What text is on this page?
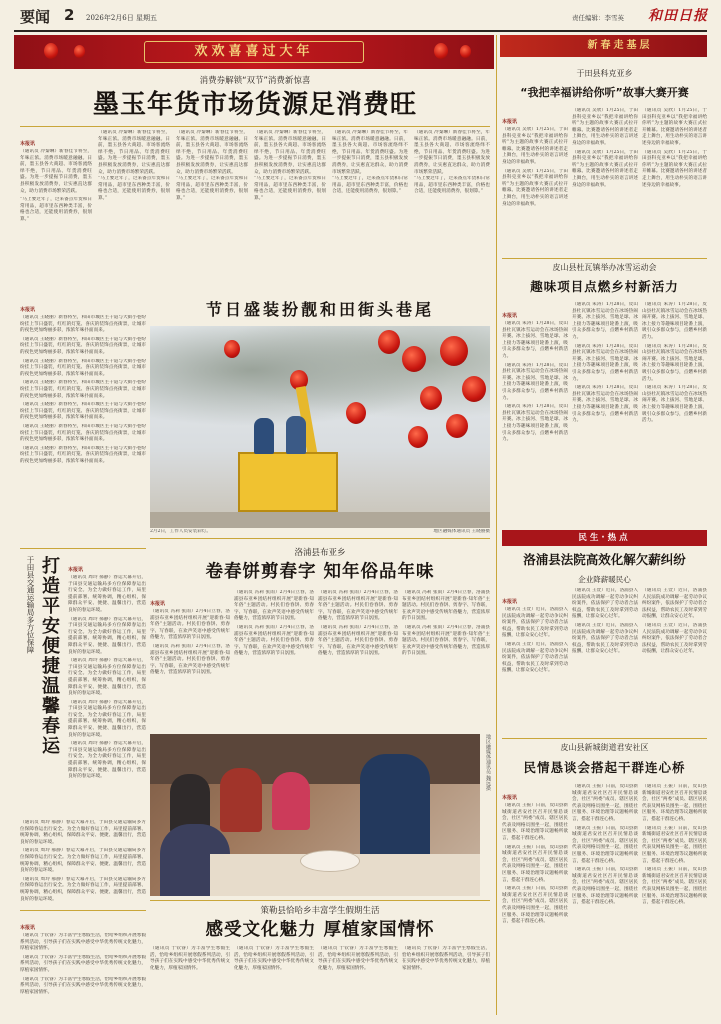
要闻 2 2026年2月6日 星期五	责任编辑：李雪英 和田日报
欢欢喜喜过大年	新春走基层
消费券解锁“双节”消费新惊喜
墨玉年货市场货源足消费旺
本报讯
（通讯员 冷秦琳）新春佳节将至，年味正浓。消费市场暖意融融。日前，墨玉县各大商超、市场客流络绎不绝，节日用品、年货消费旺盛。为进一步提振节日消费，墨玉县积极发放消费券，让实惠直达群众，助力消费市场繁荣活跃。
“马上要过年了，过来备点年货和日常用品，超市里东西种类丰富，价格也合适，还能使用消费券，很划算。”
（通讯员 冷秦琳）新春佳节将至，年味正浓。消费市场暖意融融。日前，墨玉县各大商超、市场客流络绎不绝，节日用品、年货消费旺盛。为进一步提振节日消费，墨玉县积极发放消费券，让实惠直达群众，助力消费市场繁荣活跃。
“马上要过年了，过来备点年货和日常用品，超市里东西种类丰富，价格也合适，还能使用消费券，很划算。”
（通讯员 冷秦琳）新春佳节将至，年味正浓。消费市场暖意融融。日前，墨玉县各大商超、市场客流络绎不绝，节日用品、年货消费旺盛。为进一步提振节日消费，墨玉县积极发放消费券，让实惠直达群众，助力消费市场繁荣活跃。
“马上要过年了，过来备点年货和日常用品，超市里东西种类丰富，价格也合适，还能使用消费券，很划算。”
（通讯员 冷秦琳）新春佳节将至，年味正浓。消费市场暖意融融。日前，墨玉县各大商超、市场客流络绎不绝，节日用品、年货消费旺盛。为进一步提振节日消费，墨玉县积极发放消费券，让实惠直达群众，助力消费市场繁荣活跃。
“马上要过年了，过来备点年货和日常用品，超市里东西种类丰富，价格也合适，还能使用消费券，很划算。”
（通讯员 冷秦琳）新春佳节将至，年味正浓。消费市场暖意融融。日前，墨玉县各大商超、市场客流络绎不绝，节日用品、年货消费旺盛。为进一步提振节日消费，墨玉县积极发放消费券，让实惠直达群众，助力消费市场繁荣活跃。
“马上要过年了，过来备点年货和日常用品，超市里东西种类丰富，价格也合适，还能使用消费券，很划算。”
（通讯员 冷秦琳）新春佳节将至，年味正浓。消费市场暖意融融。日前，墨玉县各大商超、市场客流络绎不绝，节日用品、年货消费旺盛。为进一步提振节日消费，墨玉县积极发放消费券，让实惠直达群众，助力消费市场繁荣活跃。
“马上要过年了，过来备点年货和日常用品，超市里东西种类丰富，价格也合适，还能使用消费券，很划算。”
本报讯
（通讯员 王晓丽）新春将至，和田市城区主干道与大街小巷纷纷挂上节日盛装，红红的灯笼、喜庆的装饰点亮街景，让城市的夜色更加绚丽多彩，浓浓年味扑面而来。
（通讯员 王晓丽）新春将至，和田市城区主干道与大街小巷纷纷挂上节日盛装，红红的灯笼、喜庆的装饰点亮街景，让城市的夜色更加绚丽多彩，浓浓年味扑面而来。
（通讯员 王晓丽）新春将至，和田市城区主干道与大街小巷纷纷挂上节日盛装，红红的灯笼、喜庆的装饰点亮街景，让城市的夜色更加绚丽多彩，浓浓年味扑面而来。
（通讯员 王晓丽）新春将至，和田市城区主干道与大街小巷纷纷挂上节日盛装，红红的灯笼、喜庆的装饰点亮街景，让城市的夜色更加绚丽多彩，浓浓年味扑面而来。
（通讯员 王晓丽）新春将至，和田市城区主干道与大街小巷纷纷挂上节日盛装，红红的灯笼、喜庆的装饰点亮街景，让城市的夜色更加绚丽多彩，浓浓年味扑面而来。
（通讯员 王晓丽）新春将至，和田市城区主干道与大街小巷纷纷挂上节日盛装，红红的灯笼、喜庆的装饰点亮街景，让城市的夜色更加绚丽多彩，浓浓年味扑面而来。
（通讯员 王晓丽）新春将至，和田市城区主干道与大街小巷纷纷挂上节日盛装，红红的灯笼、喜庆的装饰点亮街景，让城市的夜色更加绚丽多彩，浓浓年味扑面而来。
节日盛装扮靓和田街头巷尾
2月2日，工作人员安装彩灯。	地区融媒体通讯员 王晓丽摄
于田县交通运输局多方位保障 打造平安便捷温馨春运	本报讯
（通讯员 周玲 郝静）春运大幕开启，于田县交通运输局多方位保障春运出行安全。为全力做好春运工作，局里提前部署、统筹协调，精心组织，保障群众平安、便捷、温馨出行，营造良好的春运环境。
（通讯员 周玲 郝静）春运大幕开启，于田县交通运输局多方位保障春运出行安全。为全力做好春运工作，局里提前部署、统筹协调，精心组织，保障群众平安、便捷、温馨出行，营造良好的春运环境。
（通讯员 周玲 郝静）春运大幕开启，于田县交通运输局多方位保障春运出行安全。为全力做好春运工作，局里提前部署、统筹协调，精心组织，保障群众平安、便捷、温馨出行，营造良好的春运环境。
（通讯员 周玲 郝静）春运大幕开启，于田县交通运输局多方位保障春运出行安全。为全力做好春运工作，局里提前部署、统筹协调，精心组织，保障群众平安、便捷、温馨出行，营造良好的春运环境。
（通讯员 周玲 郝静）春运大幕开启，于田县交通运输局多方位保障春运出行安全。为全力做好春运工作，局里提前部署、统筹协调，精心组织，保障群众平安、便捷、温馨出行，营造良好的春运环境。
（通讯员 周玲 郝静）春运大幕开启，于田县交通运输局多方位保障春运出行安全。为全力做好春运工作，局里提前部署、统筹协调，精心组织，保障群众平安、便捷、温馨出行，营造良好的春运环境。
（通讯员 周玲 郝静）春运大幕开启，于田县交通运输局多方位保障春运出行安全。为全力做好春运工作，局里提前部署、统筹协调，精心组织，保障群众平安、便捷、温馨出行，营造良好的春运环境。
（通讯员 周玲 郝静）春运大幕开启，于田县交通运输局多方位保障春运出行安全。为全力做好春运工作，局里提前部署、统筹协调，精心组织，保障群众平安、便捷、温馨出行，营造良好的春运环境。
本报讯
（通讯员 于钦睿）为丰富学生寒假生活，恰哈乡组织开展寒假系列活动，引导孩子们在实践中感受中华优秀传统文化魅力，厚植家国情怀。
（通讯员 于钦睿）为丰富学生寒假生活，恰哈乡组织开展寒假系列活动，引导孩子们在实践中感受中华优秀传统文化魅力，厚植家国情怀。
（通讯员 于钦睿）为丰富学生寒假生活，恰哈乡组织开展寒假系列活动，引导孩子们在实践中感受中华优秀传统文化魅力，厚植家国情怀。
洛浦县布亚乡
卷春饼剪春字 知年俗品年味
本报讯
（通讯员 冯莉 张雨）2月4日立春，洛浦县布亚乡团结村组织开展“迎新春·知年俗”主题活动。村民们卷春饼、剪春字、写春联，在欢声笑语中感受传统年俗魅力，营造浓厚的节日氛围。
（通讯员 冯莉 张雨）2月4日立春，洛浦县布亚乡团结村组织开展“迎新春·知年俗”主题活动。村民们卷春饼、剪春字、写春联，在欢声笑语中感受传统年俗魅力，营造浓厚的节日氛围。
（通讯员 冯莉 张雨）2月4日立春，洛浦县布亚乡团结村组织开展“迎新春·知年俗”主题活动。村民们卷春饼、剪春字、写春联，在欢声笑语中感受传统年俗魅力，营造浓厚的节日氛围。
（通讯员 冯莉 张雨）2月4日立春，洛浦县布亚乡团结村组织开展“迎新春·知年俗”主题活动。村民们卷春饼、剪春字、写春联，在欢声笑语中感受传统年俗魅力，营造浓厚的节日氛围。
（通讯员 冯莉 张雨）2月4日立春，洛浦县布亚乡团结村组织开展“迎新春·知年俗”主题活动。村民们卷春饼、剪春字、写春联，在欢声笑语中感受传统年俗魅力，营造浓厚的节日氛围。
（通讯员 冯莉 张雨）2月4日立春，洛浦县布亚乡团结村组织开展“迎新春·知年俗”主题活动。村民们卷春饼、剪春字、写春联，在欢声笑语中感受传统年俗魅力，营造浓厚的节日氛围。
（通讯员 冯莉 张雨）2月4日立春，洛浦县布亚乡团结村组织开展“迎新春·知年俗”主题活动。村民们卷春饼、剪春字、写春联，在欢声笑语中感受传统年俗魅力，营造浓厚的节日氛围。
（通讯员 冯莉 张雨）2月4日立春，洛浦县布亚乡团结村组织开展“迎新春·知年俗”主题活动。村民们卷春饼、剪春字、写春联，在欢声笑语中感受传统年俗魅力，营造浓厚的节日氛围。
地区融媒体通讯员 魏远摄
策勒县恰哈乡丰富学生假期生活
感受文化魅力 厚植家国情怀
（通讯员 于钦睿）为丰富学生寒假生活，恰哈乡组织开展寒假系列活动，引导孩子们在实践中感受中华优秀传统文化魅力，厚植家国情怀。
（通讯员 于钦睿）为丰富学生寒假生活，恰哈乡组织开展寒假系列活动，引导孩子们在实践中感受中华优秀传统文化魅力，厚植家国情怀。
（通讯员 于钦睿）为丰富学生寒假生活，恰哈乡组织开展寒假系列活动，引导孩子们在实践中感受中华优秀传统文化魅力，厚植家国情怀。
（通讯员 于钦睿）为丰富学生寒假生活，恰哈乡组织开展寒假系列活动，引导孩子们在实践中感受中华优秀传统文化魅力，厚植家国情怀。
于田县科克亚乡
“我把幸福讲给你听”故事大赛开赛
本报讯
（通讯员 吴欣）1月25日，于田县科克亚乡以“我把幸福讲给你听”为主题的故事大赛正式拉开帷幕。比赛邀请各村的讲述者走上舞台，用生动朴实的语言讲述身边的幸福故事。
（通讯员 吴欣）1月25日，于田县科克亚乡以“我把幸福讲给你听”为主题的故事大赛正式拉开帷幕。比赛邀请各村的讲述者走上舞台，用生动朴实的语言讲述身边的幸福故事。
（通讯员 吴欣）1月25日，于田县科克亚乡以“我把幸福讲给你听”为主题的故事大赛正式拉开帷幕。比赛邀请各村的讲述者走上舞台，用生动朴实的语言讲述身边的幸福故事。
（通讯员 吴欣）1月25日，于田县科克亚乡以“我把幸福讲给你听”为主题的故事大赛正式拉开帷幕。比赛邀请各村的讲述者走上舞台，用生动朴实的语言讲述身边的幸福故事。
（通讯员 吴欣）1月25日，于田县科克亚乡以“我把幸福讲给你听”为主题的故事大赛正式拉开帷幕。比赛邀请各村的讲述者走上舞台，用生动朴实的语言讲述身边的幸福故事。
（通讯员 吴欣）1月25日，于田县科克亚乡以“我把幸福讲给你听”为主题的故事大赛正式拉开帷幕。比赛邀请各村的讲述者走上舞台，用生动朴实的语言讲述身边的幸福故事。
皮山县杜瓦镇举办冰雪运动会
趣味项目点燃乡村新活力
本报讯
（通讯员 朱涛）1月28日，皮山县杜瓦镇冰雪运动会在冰场热闹开赛。冰上拔河、雪地足球、冰上接力等趣味项目轮番上演，吸引众多群众参与，点燃乡村新活力。
（通讯员 朱涛）1月28日，皮山县杜瓦镇冰雪运动会在冰场热闹开赛。冰上拔河、雪地足球、冰上接力等趣味项目轮番上演，吸引众多群众参与，点燃乡村新活力。
（通讯员 朱涛）1月28日，皮山县杜瓦镇冰雪运动会在冰场热闹开赛。冰上拔河、雪地足球、冰上接力等趣味项目轮番上演，吸引众多群众参与，点燃乡村新活力。
（通讯员 朱涛）1月28日，皮山县杜瓦镇冰雪运动会在冰场热闹开赛。冰上拔河、雪地足球、冰上接力等趣味项目轮番上演，吸引众多群众参与，点燃乡村新活力。
（通讯员 朱涛）1月28日，皮山县杜瓦镇冰雪运动会在冰场热闹开赛。冰上拔河、雪地足球、冰上接力等趣味项目轮番上演，吸引众多群众参与，点燃乡村新活力。
（通讯员 朱涛）1月28日，皮山县杜瓦镇冰雪运动会在冰场热闹开赛。冰上拔河、雪地足球、冰上接力等趣味项目轮番上演，吸引众多群众参与，点燃乡村新活力。
（通讯员 朱涛）1月28日，皮山县杜瓦镇冰雪运动会在冰场热闹开赛。冰上拔河、雪地足球、冰上接力等趣味项目轮番上演，吸引众多群众参与，点燃乡村新活力。
（通讯员 朱涛）1月28日，皮山县杜瓦镇冰雪运动会在冰场热闹开赛。冰上拔河、雪地足球、冰上接力等趣味项目轮番上演，吸引众多群众参与，点燃乡村新活力。
（通讯员 朱涛）1月28日，皮山县杜瓦镇冰雪运动会在冰场热闹开赛。冰上拔河、雪地足球、冰上接力等趣味项目轮番上演，吸引众多群众参与，点燃乡村新活力。
民生·热点
洛浦县法院高效化解欠薪纠纷
企业降薪暖民心
本报讯
（通讯员 王萱）近日，洛浦县人民法院成功调解一起劳动争议纠纷案件，依法保护了劳动者合法权益，帮助农民工及时拿到劳动报酬，让群众安心过年。
（通讯员 王萱）近日，洛浦县人民法院成功调解一起劳动争议纠纷案件，依法保护了劳动者合法权益，帮助农民工及时拿到劳动报酬，让群众安心过年。
（通讯员 王萱）近日，洛浦县人民法院成功调解一起劳动争议纠纷案件，依法保护了劳动者合法权益，帮助农民工及时拿到劳动报酬，让群众安心过年。
（通讯员 王萱）近日，洛浦县人民法院成功调解一起劳动争议纠纷案件，依法保护了劳动者合法权益，帮助农民工及时拿到劳动报酬，让群众安心过年。
（通讯员 王萱）近日，洛浦县人民法院成功调解一起劳动争议纠纷案件，依法保护了劳动者合法权益，帮助农民工及时拿到劳动报酬，让群众安心过年。
（通讯员 王萱）近日，洛浦县人民法院成功调解一起劳动争议纠纷案件，依法保护了劳动者合法权益，帮助农民工及时拿到劳动报酬，让群众安心过年。
皮山县新城街道君安社区
民情恳谈会搭起干群连心桥
本报讯
（通讯员 王振）日前，皮山县新城街道君安社区召开民情恳谈会，社区“两委”成员、辖区居民代表及网格员围坐一起，围绕社区服务、环境治理等议题畅所欲言，搭起干群连心桥。
（通讯员 王振）日前，皮山县新城街道君安社区召开民情恳谈会，社区“两委”成员、辖区居民代表及网格员围坐一起，围绕社区服务、环境治理等议题畅所欲言，搭起干群连心桥。
（通讯员 王振）日前，皮山县新城街道君安社区召开民情恳谈会，社区“两委”成员、辖区居民代表及网格员围坐一起，围绕社区服务、环境治理等议题畅所欲言，搭起干群连心桥。
（通讯员 王振）日前，皮山县新城街道君安社区召开民情恳谈会，社区“两委”成员、辖区居民代表及网格员围坐一起，围绕社区服务、环境治理等议题畅所欲言，搭起干群连心桥。
（通讯员 王振）日前，皮山县新城街道君安社区召开民情恳谈会，社区“两委”成员、辖区居民代表及网格员围坐一起，围绕社区服务、环境治理等议题畅所欲言，搭起干群连心桥。
（通讯员 王振）日前，皮山县新城街道君安社区召开民情恳谈会，社区“两委”成员、辖区居民代表及网格员围坐一起，围绕社区服务、环境治理等议题畅所欲言，搭起干群连心桥。
（通讯员 王振）日前，皮山县新城街道君安社区召开民情恳谈会，社区“两委”成员、辖区居民代表及网格员围坐一起，围绕社区服务、环境治理等议题畅所欲言，搭起干群连心桥。
（通讯员 王振）日前，皮山县新城街道君安社区召开民情恳谈会，社区“两委”成员、辖区居民代表及网格员围坐一起，围绕社区服务、环境治理等议题畅所欲言，搭起干群连心桥。
（通讯员 王振）日前，皮山县新城街道君安社区召开民情恳谈会，社区“两委”成员、辖区居民代表及网格员围坐一起，围绕社区服务、环境治理等议题畅所欲言，搭起干群连心桥。
